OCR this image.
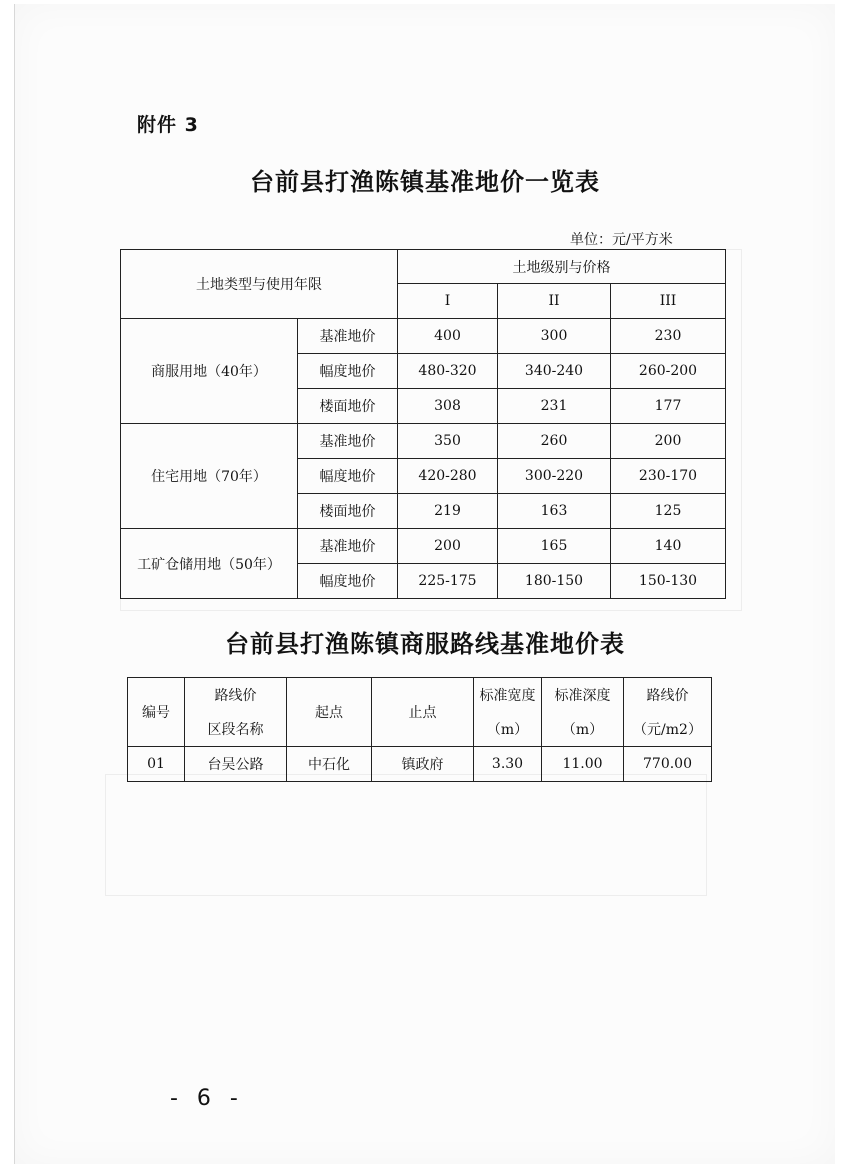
附件 3
台前县打渔陈镇基准地价一览表
单位：元/平方米
土地类型与使用年限		土地级别与价格		
		I	II	III
商服用地（40年）	基准地价	400	300	230
	幅度地价	480-320	340-240	260-200
	楼面地价	308	231	177
住宅用地（70年）	基准地价	350	260	200
	幅度地价	420-280	300-220	230-170
	楼面地价	219	163	125
工矿仓储用地（50年）	基准地价	200	165	140
	幅度地价	225-175	180-150	150-130
台前县打渔陈镇商服路线基准地价表
编号	路线价	起点	止点	标准宽度	标准深度	路线价
	区段名称			（m）	（m）	（元/m2）
01	台吴公路	中石化	镇政府	3.30	11.00	770.00
- 6 -
